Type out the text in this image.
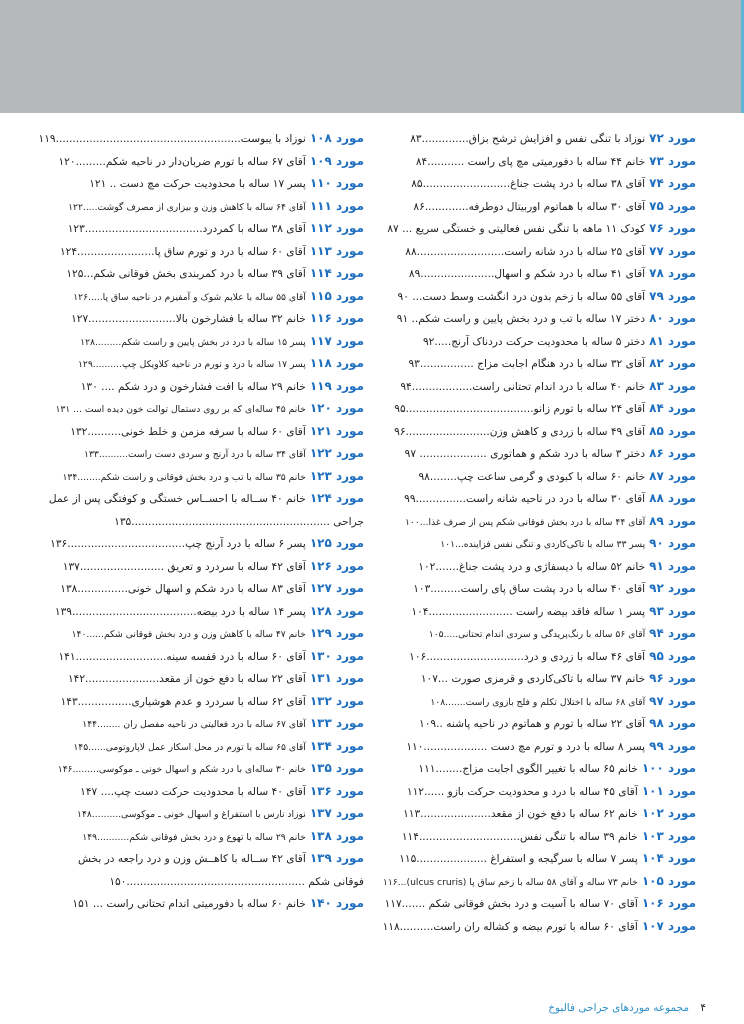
مورد ۷۲نوزاد با تنگی نفس و افزایش ترشح بزاق..............۸۳
مورد ۷۳خانم ۴۴ ساله با دفورمیتی مچ پای راست ...........۸۴
مورد ۷۴آقای ۳۸ ساله با درد پشت جناغ..........................۸۵
مورد ۷۵آقای ۳۰ ساله با هماتوم اوربیتال دوطرفه.............۸۶
مورد ۷۶کودک ۱۱ ماهه با تنگی نفس فعالیتی و خستگی سریع ... ۸۷
مورد ۷۷آقای ۲۵ ساله با درد شانه راست..........................۸۸
مورد ۷۸آقای ۴۱ ساله با درد شکم و اسهال......................۸۹
مورد ۷۹آقای ۵۵ ساله با زخم بدون درد انگشت وسط دست... ۹۰
مورد ۸۰دختر ۱۷ ساله با تب و درد بخش پایین و راست شکم.. ۹۱
مورد ۸۱دختر ۵ ساله با محدودیت حرکت دردناک آرنج.....۹۲
مورد ۸۲آقای ۳۲ ساله با درد هنگام اجابت مزاج ................۹۳
مورد ۸۳خانم ۴۰ ساله با درد اندام تحتانی راست..................۹۴
مورد ۸۴آقای ۲۴ ساله با تورم زانو......................................۹۵
مورد ۸۵آقای ۴۹ ساله با زردی و کاهش وزن.........................۹۶
مورد ۸۶دختر ۳ ساله با درد شکم و هماتوری .................... ۹۷
مورد ۸۷خانم ۶۰ ساله با کبودی و گرمی ساعت چپ........۹۸
مورد ۸۸آقای ۳۰ ساله با درد در ناحیه شانه راست...............۹۹
مورد ۸۹آقای ۴۴ ساله با درد بخش فوقانی شکم پس از صرف غذا...۱۰۰
مورد ۹۰پسر ۳۳ ساله با تاکی‌کاردی و تنگی نفس فزاینده...۱۰۱
مورد ۹۱خانم ۵۲ ساله با دیسفاژی و درد پشت جناغ.......۱۰۲
مورد ۹۲آقای ۴۰ ساله با درد پشت ساق پای راست.........۱۰۳
مورد ۹۳پسر ۱ ساله فاقد بیضه راست .........................۱۰۴
مورد ۹۴آقای ۵۶ ساله با رنگ‌پریدگی و سردی اندام تحتانی.....۱۰۵
مورد ۹۵آقای ۴۶ ساله با زردی و درد.............................۱۰۶
مورد ۹۶خانم ۳۷ ساله با تاکی‌کاردی و قرمزی صورت ...۱۰۷
مورد ۹۷آقای ۶۸ ساله با اختلال تکلم و فلج بازوی راست.......۱۰۸
مورد ۹۸آقای ۲۲ ساله با تورم و هماتوم در ناحیه پاشنه ..۱۰۹
مورد ۹۹پسر ۸ ساله با درد و تورم مچ دست ...................۱۱۰
مورد ۱۰۰خانم ۶۵ ساله با تغییر الگوی اجابت مزاج........۱۱۱
مورد ۱۰۱آقای ۴۵ ساله با درد و محدودیت حرکت بازو ......۱۱۲
مورد ۱۰۲خانم ۶۲ ساله با دفع خون از مقعد.....................۱۱۳
مورد ۱۰۳خانم ۳۹ ساله با تنگی نفس..............................۱۱۴
مورد ۱۰۴پسر ۷ ساله با سرگیجه و استفراغ .....................۱۱۵
مورد ۱۰۵خانم ۷۳ ساله و آقای ۵۸ ساله با زخم ساق پا (ulcus cruris)...۱۱۶
مورد ۱۰۶آقای ۷۰ ساله با آسیت و درد بخش فوقانی شکم .......۱۱۷
مورد ۱۰۷آقای ۶۰ ساله با تورم بیضه و کشاله ران راست..........۱۱۸
مورد ۱۰۸نوزاد با یبوست.......................................................۱۱۹
مورد ۱۰۹آقای ۶۷ ساله با تورم ضربان‌دار در ناحیه شکم.........۱۲۰
مورد ۱۱۰پسر ۱۷ ساله با محدودیت حرکت مچ دست .. ۱۲۱
مورد ۱۱۱آقای ۶۴ ساله با کاهش وزن و بیزاری از مصرف گوشت.....۱۲۲
مورد ۱۱۲آقای ۳۸ ساله با کمردرد...................................۱۲۳
مورد ۱۱۳آقای ۶۰ ساله با درد و تورم ساق پا.......................۱۲۴
مورد ۱۱۴آقای ۳۹ ساله با درد کمربندی بخش فوقانی شکم...۱۲۵
مورد ۱۱۵آقای ۵۵ ساله با علایم شوک و آمفیزم در ناحیه ساق پا.....۱۲۶
مورد ۱۱۶خانم ۳۲ ساله با فشارخون بالا..........................۱۲۷
مورد ۱۱۷پسر ۱۵ ساله با درد در بخش پایین و راست شکم.........۱۲۸
مورد ۱۱۸پسر ۱۷ ساله با درد و تورم در ناحیه کلاویکل چپ..........۱۲۹
مورد ۱۱۹خانم ۲۹ ساله با افت فشارخون و درد شکم .... ۱۳۰
مورد ۱۲۰خانم ۴۵ ساله‌ای که بر روی دستمال توالت خون دیده است ... ۱۳۱
مورد ۱۲۱آقای ۶۰ ساله با سرفه مزمن و خلط خونی..........۱۳۲
مورد ۱۲۲آقای ۳۴ ساله با درد آرنج و سردی دست راست..........۱۳۳
مورد ۱۲۳خانم ۳۵ ساله با تب و درد بخش فوقانی و راست شکم........۱۳۴
مورد ۱۲۴خانم ۴۰ ســاله با احســاس خستگی و کوفتگی پس از عمل جراحی ...........................................................۱۳۵
مورد ۱۲۵پسر ۶ ساله با درد آرنج چپ...................................۱۳۶
مورد ۱۲۶آقای ۴۲ ساله با سردرد و تعریق .........................۱۳۷
مورد ۱۲۷آقای ۸۳ ساله با درد شکم و اسهال خونی...............۱۳۸
مورد ۱۲۸پسر ۱۴ ساله با درد بیضه.....................................۱۳۹
مورد ۱۲۹خانم ۴۷ ساله با کاهش وزن و درد بخش فوقانی شکم......۱۴۰
مورد ۱۳۰آقای ۶۰ ساله با درد قفسه سینه...........................۱۴۱
مورد ۱۳۱آقای ۲۲ ساله با دفع خون از مقعد......................۱۴۲
مورد ۱۳۲آقای ۶۲ ساله با سردرد و عدم هوشیاری................۱۴۳
مورد ۱۳۳آقای ۶۷ ساله با درد فعالیتی در ناحیه مفصل ران ........۱۴۴
مورد ۱۳۴آقای ۶۵ ساله با تورم در محل اسکار عمل لاپاروتومی......۱۴۵
مورد ۱۳۵خانم ۳۰ ساله‌ای با درد شکم و اسهال خونی ـ موکوسی.........۱۴۶
مورد ۱۳۶آقای ۴۰ ساله با محدودیت حرکت دست چپ.... ۱۴۷
مورد ۱۳۷نوزاد نارس با استفراغ و اسهال خونی ـ موکوسی..........۱۴۸
مورد ۱۳۸خانم ۲۹ ساله با تهوع و درد بخش فوقانی شکم...........۱۴۹
مورد ۱۳۹آقای ۴۲ ســاله با کاهــش وزن و درد راجعه در بخش فوقانی شکم .....................................................۱۵۰
مورد ۱۴۰خانم ۶۰ ساله با دفورمیتی اندام تحتانی راست ... ۱۵۱
۴ مجموعه موردهای جراحی فالبوخ
